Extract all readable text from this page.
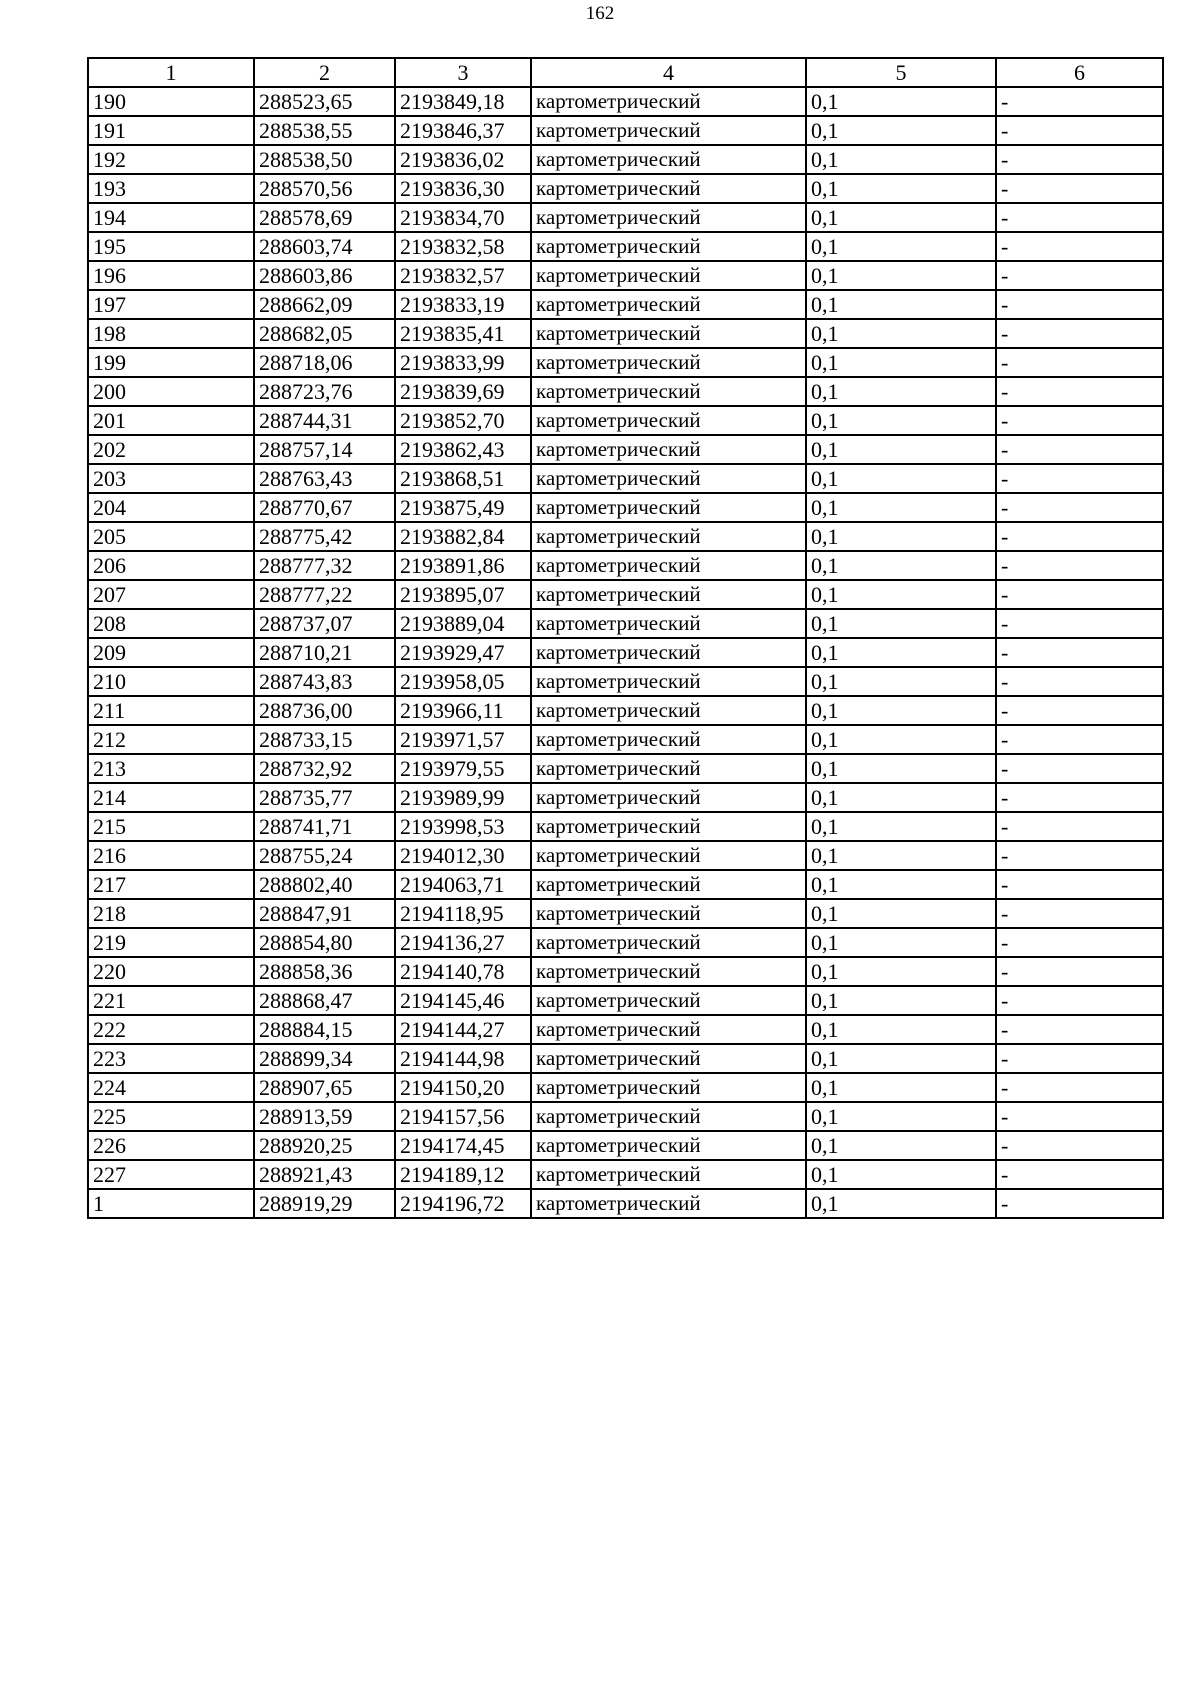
162
1	2	3	4	5	6
190	288523,65	2193849,18	картометрический	0,1	-
191	288538,55	2193846,37	картометрический	0,1	-
192	288538,50	2193836,02	картометрический	0,1	-
193	288570,56	2193836,30	картометрический	0,1	-
194	288578,69	2193834,70	картометрический	0,1	-
195	288603,74	2193832,58	картометрический	0,1	-
196	288603,86	2193832,57	картометрический	0,1	-
197	288662,09	2193833,19	картометрический	0,1	-
198	288682,05	2193835,41	картометрический	0,1	-
199	288718,06	2193833,99	картометрический	0,1	-
200	288723,76	2193839,69	картометрический	0,1	-
201	288744,31	2193852,70	картометрический	0,1	-
202	288757,14	2193862,43	картометрический	0,1	-
203	288763,43	2193868,51	картометрический	0,1	-
204	288770,67	2193875,49	картометрический	0,1	-
205	288775,42	2193882,84	картометрический	0,1	-
206	288777,32	2193891,86	картометрический	0,1	-
207	288777,22	2193895,07	картометрический	0,1	-
208	288737,07	2193889,04	картометрический	0,1	-
209	288710,21	2193929,47	картометрический	0,1	-
210	288743,83	2193958,05	картометрический	0,1	-
211	288736,00	2193966,11	картометрический	0,1	-
212	288733,15	2193971,57	картометрический	0,1	-
213	288732,92	2193979,55	картометрический	0,1	-
214	288735,77	2193989,99	картометрический	0,1	-
215	288741,71	2193998,53	картометрический	0,1	-
216	288755,24	2194012,30	картометрический	0,1	-
217	288802,40	2194063,71	картометрический	0,1	-
218	288847,91	2194118,95	картометрический	0,1	-
219	288854,80	2194136,27	картометрический	0,1	-
220	288858,36	2194140,78	картометрический	0,1	-
221	288868,47	2194145,46	картометрический	0,1	-
222	288884,15	2194144,27	картометрический	0,1	-
223	288899,34	2194144,98	картометрический	0,1	-
224	288907,65	2194150,20	картометрический	0,1	-
225	288913,59	2194157,56	картометрический	0,1	-
226	288920,25	2194174,45	картометрический	0,1	-
227	288921,43	2194189,12	картометрический	0,1	-
1	288919,29	2194196,72	картометрический	0,1	-
